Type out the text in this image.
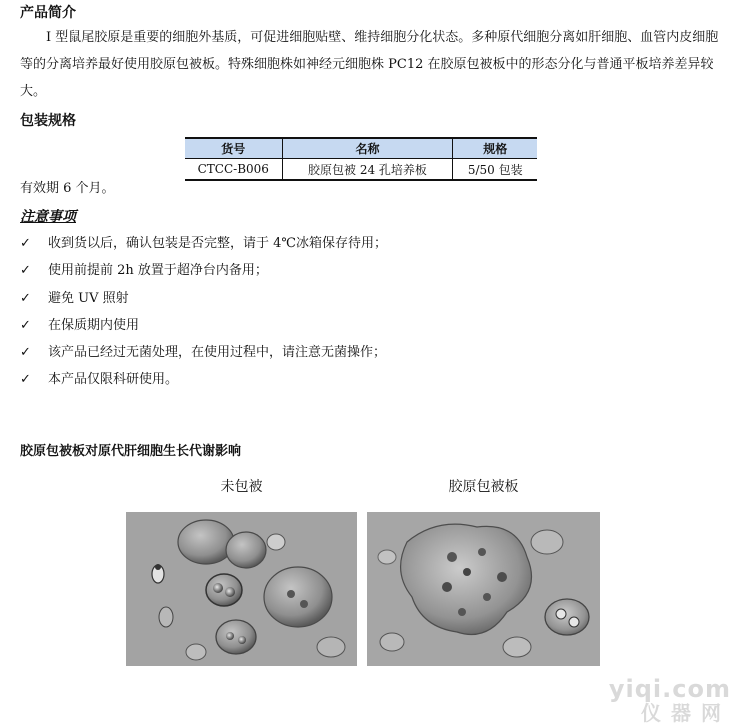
产品简介
I 型鼠尾胶原是重要的细胞外基质，可促进细胞贴壁、维持细胞分化状态。多种原代细胞分离如肝细胞、血管内皮细胞等的分离培养最好使用胶原包被板。特殊细胞株如神经元细胞株 PC12 在胶原包被板中的形态分化与普通平板培养差异较大。
包装规格
货号	名称	规格
CTCC-B006	胶原包被 24 孔培养板	5/50 包装
有效期 6 个月。
注意事项
✓ 收到货以后，确认包装是否完整，请于 4℃冰箱保存待用；
✓ 使用前提前 2h 放置于超净台内备用；
✓ 避免 UV 照射
✓ 在保质期内使用
✓ 该产品已经过无菌处理，在使用过程中，请注意无菌操作；
✓ 本产品仅限科研使用。
胶原包被板对原代肝细胞生长代谢影响
未包被	胶原包被板
yiqi.com
仪器网
